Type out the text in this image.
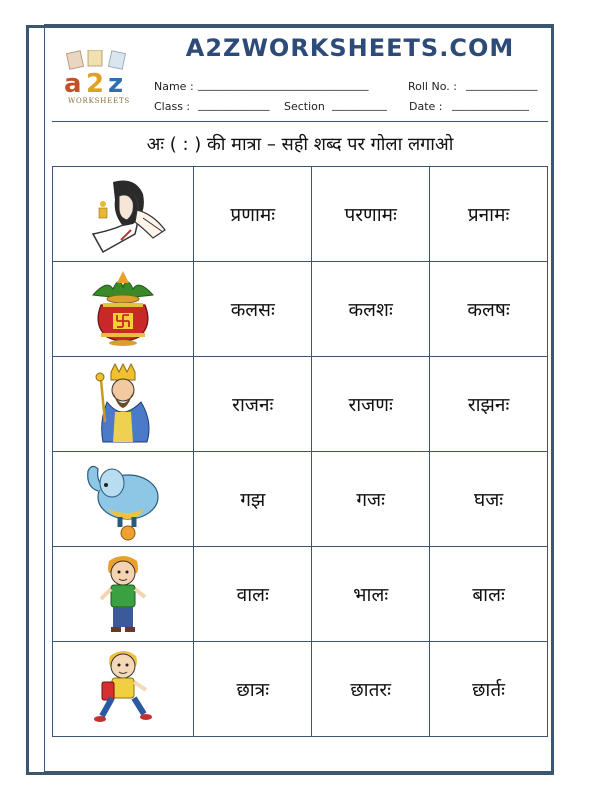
a 2 z
WORKSHEETS
A2ZWORKSHEETS.COM
Name : _______________________________	Roll No. : _____________
Class : _____________ Section __________ Date : ______________
अः ( : ) की मात्रा – सही शब्द पर गोला लगाओ
	प्रणामः	परणामः	प्रनामः

	कलसः	कलशः	कलषः

	राजनः	राजणः	राझनः

	गझ	गजः	घजः

	वालः	भालः	बालः

	छात्रः	छातरः	छार्तः
